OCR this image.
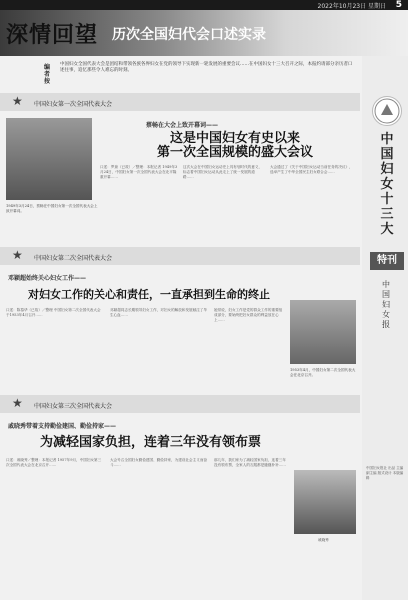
2022年10月23日 星期日 5
深情回望 历次全国妇代会口述实录
编者按
中国妇女全国代表大会是团结和带领各族各界妇女在党的领导下实现新一轮发展的重要会议……在中国妇女十三大召开之际，本报约请部分亲历者口述往事，追忆那些令人难忘的时刻。
★ 中国妇女第一次全国代表大会
1949年3月24日，蔡畅在中国妇女第一次全国代表大会上致开幕词。
蔡畅在大会上致开幕词——
这是中国妇女有史以来
第一次全国规模的盛大会议
口述：罗琼（已故）／整理：本报记者 1949年3月24日，中国妇女第一次全国代表大会在北平隆重开幕……
这次大会在中国妇女运动史上具有划时代的意义，标志着中国妇女运动从此走上了统一发展的道路……
大会通过了《关于中国妇女运动当前任务的决议》，选举产生了中华全国民主妇女联合会……
★ 中国妇女第二次全国代表大会
邓颖超始终关心妇女工作——
对妇女工作的关心和责任，一直承担到生命的终止
口述：陈慕华（已故）／整理 中国妇女第二次全国代表大会于1953年4月召开……
邓颖超同志长期领导妇女工作，对妇女的解放和发展倾注了毕生心血……
她常说，妇女工作是党的群众工作的重要组成部分，要始终把妇女群众的利益放在心上……
1953年4月，中国妇女第二次全国代表大会在北京召开。
★ 中国妇女第三次全国代表大会
戚晓秀带着支持勤俭建国、勤俭持家——
为减轻国家负担，连着三年没有领布票
口述：戚晓秀／整理：本报记者 1957年9月，中国妇女第三次全国代表大会在北京召开……
大会号召全国妇女勤俭建国、勤俭持家，为建设社会主义而奋斗……
那几年，我们家为了减轻国家负担，连着三年没有领布票，全家人的衣服都是缝缝补补……
戚晓秀
中国妇女十三大
特刊
中国妇女报
中国妇女报社 出品 主编 副主编 版式设计 本版编辑
